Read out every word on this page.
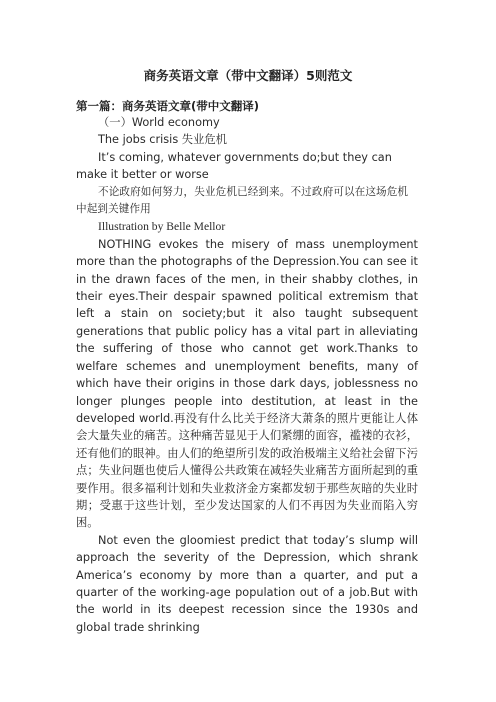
商务英语文章（带中文翻译）5则范文
第一篇：商务英语文章(带中文翻译)

（一）World economy

The jobs crisis 失业危机

It’s coming, whatever governments do;but they can make it better or worse

不论政府如何努力，失业危机已经到来。不过政府可以在这场危机中起到关键作用

Illustration by Belle Mellor

NOTHING evokes the misery of mass unemployment more than the photographs of the Depression.You can see it in the drawn faces of the men, in their shabby clothes, in their eyes.Their despair spawned political extremism that left a stain on society;but it also taught subsequent generations that public policy has a vital part in alleviating the suffering of those who cannot get work.Thanks to welfare schemes and unemployment benefits, many of which have their origins in those dark days, joblessness no longer plunges people into destitution, at least in the developed world.再没有什么比关于经济大萧条的照片更能让人体会大量失业的痛苦。这种痛苦显见于人们紧绷的面容，褴褛的衣衫，还有他们的眼神。由人们的绝望所引发的政治极端主义给社会留下污点；失业问题也使后人懂得公共政策在减轻失业痛苦方面所起到的重要作用。很多福利计划和失业救济金方案都发轫于那些灰暗的失业时期；受惠于这些计划，至少发达国家的人们不再因为失业而陷入穷困。

Not even the gloomiest predict that today’s slump will approach the severity of the Depression, which shrank America’s economy by more than a quarter, and put a quarter of the working-age population out of a job.But with the world in its deepest recession since the 1930s and global trade shrinking
